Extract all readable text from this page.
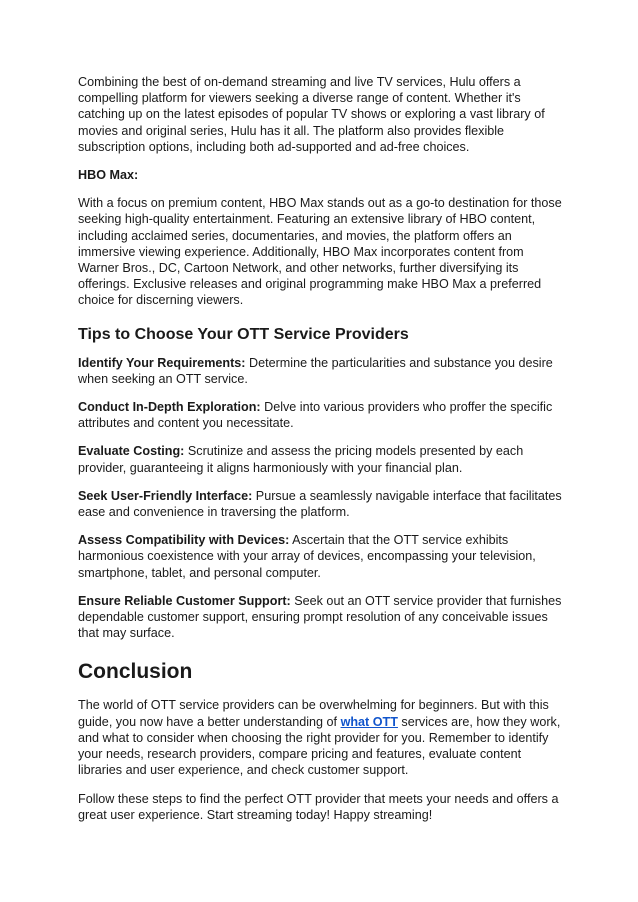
Combining the best of on-demand streaming and live TV services, Hulu offers a compelling platform for viewers seeking a diverse range of content. Whether it's catching up on the latest episodes of popular TV shows or exploring a vast library of movies and original series, Hulu has it all. The platform also provides flexible subscription options, including both ad-supported and ad-free choices.

HBO Max:

With a focus on premium content, HBO Max stands out as a go-to destination for those seeking high-quality entertainment. Featuring an extensive library of HBO content, including acclaimed series, documentaries, and movies, the platform offers an immersive viewing experience. Additionally, HBO Max incorporates content from Warner Bros., DC, Cartoon Network, and other networks, further diversifying its offerings. Exclusive releases and original programming make HBO Max a preferred choice for discerning viewers.

Tips to Choose Your OTT Service Providers

Identify Your Requirements: Determine the particularities and substance you desire when seeking an OTT service.

Conduct In-Depth Exploration: Delve into various providers who proffer the specific attributes and content you necessitate.

Evaluate Costing: Scrutinize and assess the pricing models presented by each provider, guaranteeing it aligns harmoniously with your financial plan.

Seek User-Friendly Interface: Pursue a seamlessly navigable interface that facilitates ease and convenience in traversing the platform.

Assess Compatibility with Devices: Ascertain that the OTT service exhibits harmonious coexistence with your array of devices, encompassing your television, smartphone, tablet, and personal computer.

Ensure Reliable Customer Support: Seek out an OTT service provider that furnishes dependable customer support, ensuring prompt resolution of any conceivable issues that may surface.

Conclusion

The world of OTT service providers can be overwhelming for beginners. But with this guide, you now have a better understanding of what OTT services are, how they work, and what to consider when choosing the right provider for you. Remember to identify your needs, research providers, compare pricing and features, evaluate content libraries and user experience, and check customer support.

Follow these steps to find the perfect OTT provider that meets your needs and offers a great user experience. Start streaming today! Happy streaming!
